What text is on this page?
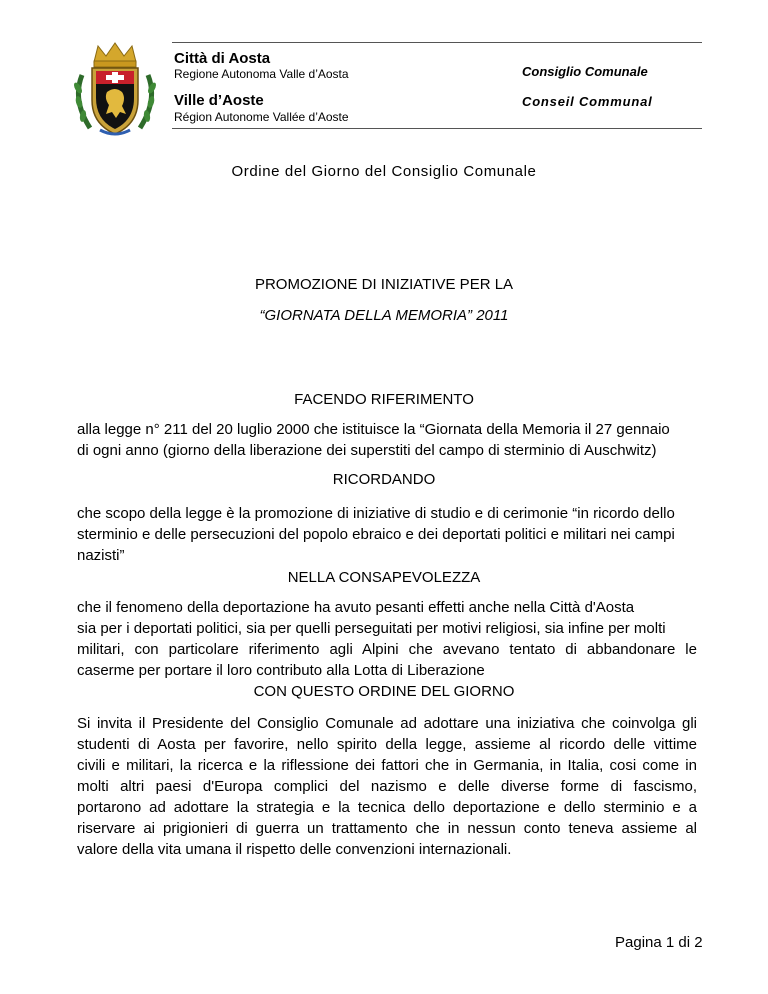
Città di Aosta
Regione Autonoma Valle d’Aosta	Consiglio Comunale
Ville d’Aoste
Région Autonome Vallée d’Aoste
Conseil Communal
Ordine del Giorno del Consiglio Comunale
PROMOZIONE DI INIZIATIVE PER LA
“GIORNATA DELLA MEMORIA” 2011
FACENDO RIFERIMENTO
alla legge n° 211 del 20 luglio 2000 che istituisce la “Giornata della Memoria il 27 gennaio
di ogni anno (giorno della liberazione dei superstiti del campo di sterminio di Auschwitz)
RICORDANDO
che scopo della legge è la promozione di iniziative di studio e di cerimonie “in ricordo dello
sterminio e delle persecuzioni del popolo ebraico e dei deportati politici e militari nei campi
nazisti”
NELLA CONSAPEVOLEZZA
che il fenomeno della deportazione ha avuto pesanti effetti anche nella Città d'Aosta
sia per i deportati politici, sia per quelli perseguitati per motivi religiosi, sia infine per molti
militari, con particolare riferimento agli Alpini che avevano tentato di abbandonare le
caserme per portare il loro contributo alla Lotta di Liberazione
CON QUESTO ORDINE DEL GIORNO
Si invita il Presidente del Consiglio Comunale ad adottare una iniziativa che coinvolga gli
studenti di Aosta per favorire, nello spirito della legge, assieme al ricordo delle vittime
civili e militari, la ricerca e la riflessione dei fattori che in Germania, in Italia, cosi come in
molti altri paesi d'Europa complici del nazismo e delle diverse forme di fascismo,
portarono ad adottare la strategia e la tecnica dello deportazione e dello sterminio e a
riservare ai prigionieri di guerra un trattamento che in nessun conto teneva assieme al
valore della vita umana il rispetto delle convenzioni internazionali.
Pagina 1 di 2
